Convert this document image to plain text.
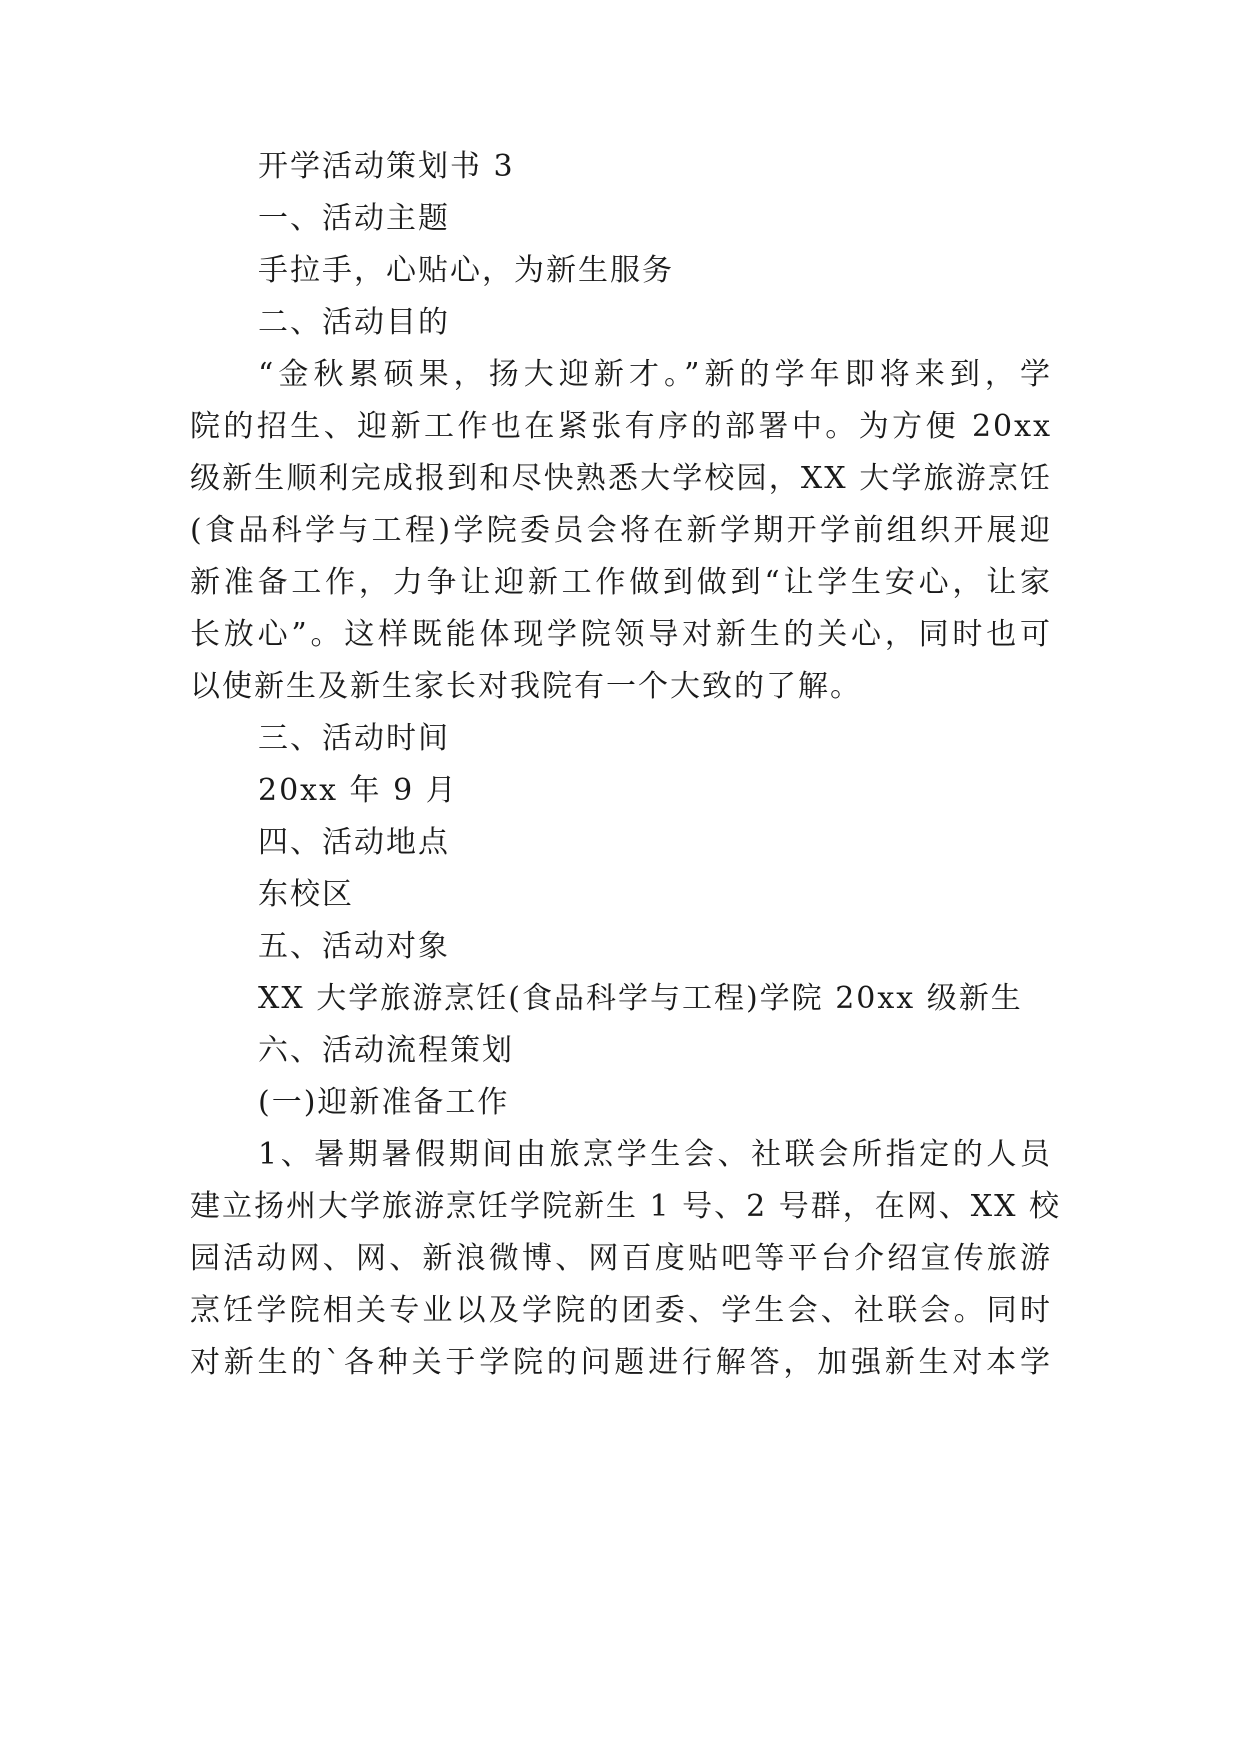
开学活动策划书 3
一、活动主题
手拉手，心贴心，为新生服务
二、活动目的
“金秋累硕果，扬大迎新才。”新的学年即将来到，学
院的招生、迎新工作也在紧张有序的部署中。为方便 20xx
级新生顺利完成报到和尽快熟悉大学校园，XX 大学旅游烹饪
(食品科学与工程)学院委员会将在新学期开学前组织开展迎
新准备工作，力争让迎新工作做到做到“让学生安心，让家
长放心”。这样既能体现学院领导对新生的关心，同时也可
以使新生及新生家长对我院有一个大致的了解。
三、活动时间
20xx 年 9 月
四、活动地点
东校区
五、活动对象
XX 大学旅游烹饪(食品科学与工程)学院 20xx 级新生
六、活动流程策划
(一)迎新准备工作
1、暑期暑假期间由旅烹学生会、社联会所指定的人员
建立扬州大学旅游烹饪学院新生 1 号、2 号群，在网、XX 校
园活动网、网、新浪微博、网百度贴吧等平台介绍宣传旅游
烹饪学院相关专业以及学院的团委、学生会、社联会。同时
对新生的`各种关于学院的问题进行解答，加强新生对本学
